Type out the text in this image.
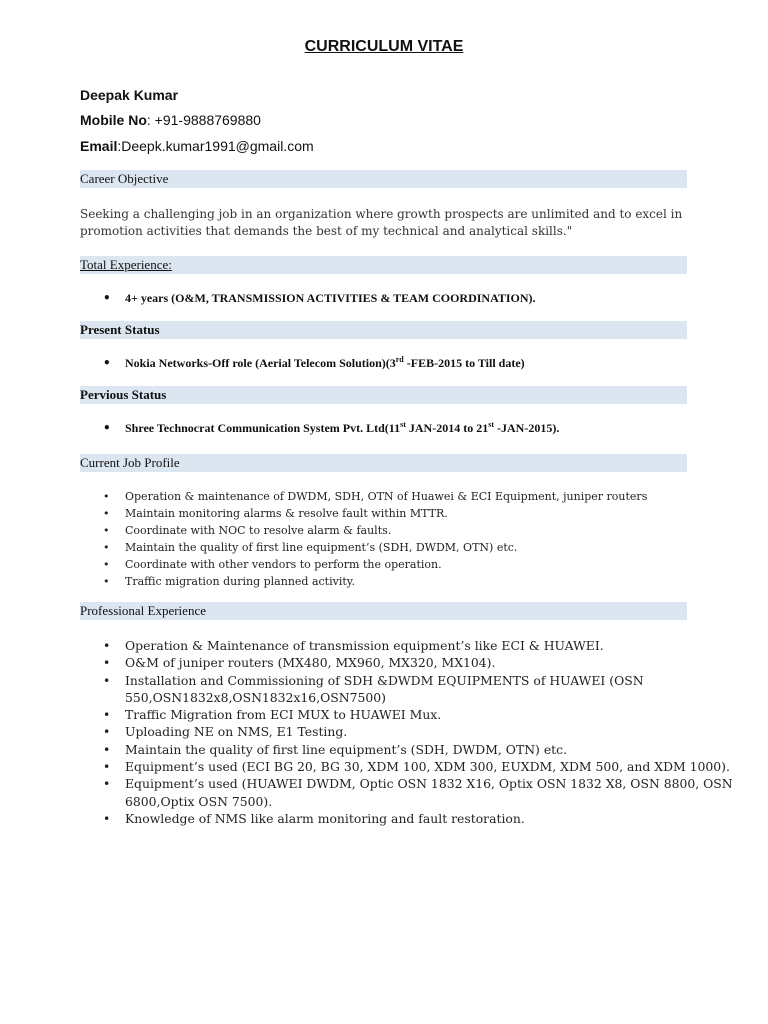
CURRICULUM VITAE
Deepak Kumar
Mobile No: +91-9888769880
Email:Deepk.kumar1991@gmail.com
Career Objective
Seeking a challenging job in an organization where growth prospects are unlimited and to excel in promotion activities that demands the best of my technical and analytical skills."
Total Experience:
• 4+ years (O&M, TRANSMISSION ACTIVITIES & TEAM COORDINATION).
Present Status
• Nokia Networks-Off role (Aerial Telecom Solution)(3rd -FEB-2015 to Till date)
Pervious Status
• Shree Technocrat Communication System Pvt. Ltd(11st JAN-2014 to 21st -JAN-2015).
Current Job Profile
• Operation & maintenance of DWDM, SDH, OTN of Huawei & ECI Equipment, juniper routers
• Maintain monitoring alarms & resolve fault within MTTR.
• Coordinate with NOC to resolve alarm & faults.
• Maintain the quality of first line equipment’s (SDH, DWDM, OTN) etc.
• Coordinate with other vendors to perform the operation.
• Traffic migration during planned activity.
Professional Experience
• Operation & Maintenance of transmission equipment’s like ECI & HUAWEI.
• O&M of juniper routers (MX480, MX960, MX320, MX104).
• Installation and Commissioning of SDH &DWDM EQUIPMENTS of HUAWEI (OSN 550,OSN1832x8,OSN1832x16,OSN7500)
• Traffic Migration from ECI MUX to HUAWEI Mux.
• Uploading NE on NMS, E1 Testing.
• Maintain the quality of first line equipment’s (SDH, DWDM, OTN) etc.
• Equipment’s used (ECI BG 20, BG 30, XDM 100, XDM 300, EUXDM, XDM 500, and XDM 1000).
• Equipment’s used (HUAWEI DWDM, Optic OSN 1832 X16, Optix OSN 1832 X8, OSN 8800, OSN 6800,Optix OSN 7500).
• Knowledge of NMS like alarm monitoring and fault restoration.
